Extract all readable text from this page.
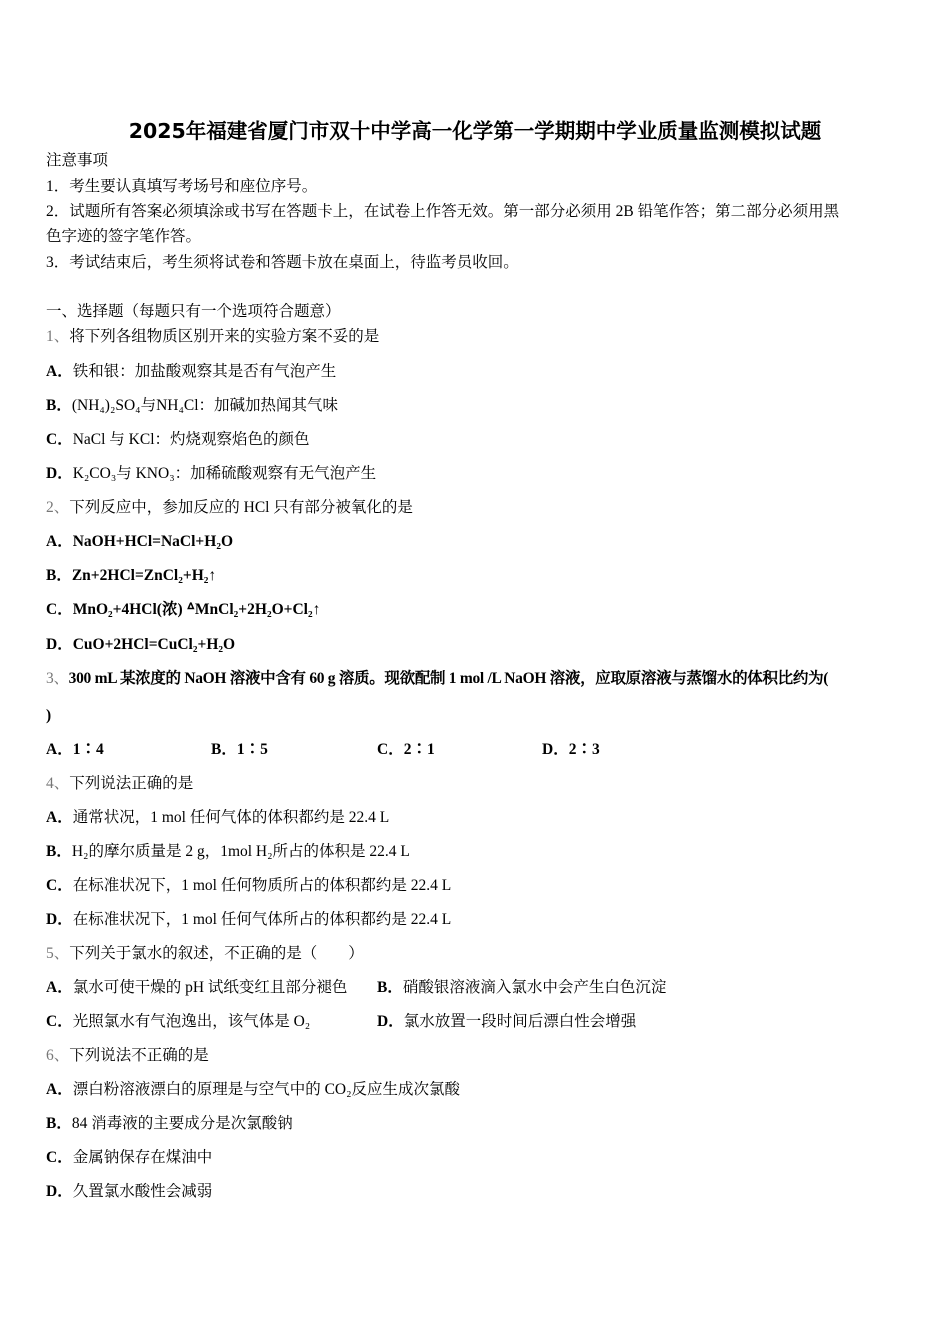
2025年福建省厦门市双十中学高一化学第一学期期中学业质量监测模拟试题
注意事项
1．考生要认真填写考场号和座位序号。
2．试题所有答案必须填涂或书写在答题卡上，在试卷上作答无效。第一部分必须用 2B 铅笔作答；第二部分必须用黑
色字迹的签字笔作答。
3．考试结束后，考生须将试卷和答题卡放在桌面上，待监考员收回。
一、选择题（每题只有一个选项符合题意）
1、将下列各组物质区别开来的实验方案不妥的是
A．铁和银：加盐酸观察其是否有气泡产生
B．(NH₄)₂SO₄与NH₄Cl：加碱加热闻其气味
C．NaCl 与 KCl：灼烧观察焰色的颜色
D．K₂CO₃与 KNO₃：加稀硫酸观察有无气泡产生
2、下列反应中，参加反应的 HCl 只有部分被氧化的是
A．NaOH+HCl=NaCl+H₂O
B．Zn+2HCl=ZnCl₂+H₂↑
C．MnO₂+4HCl(浓) ᐞMnCl₂+2H₂O+Cl₂↑
D．CuO+2HCl=CuCl₂+H₂O
3、300 mL 某浓度的 NaOH 溶液中含有 60 g 溶质。现欲配制 1 mol /L NaOH 溶液，应取原溶液与蒸馏水的体积比约为(
)
A．1∶4	B．1∶5	C．2∶1	D．2∶3
4、下列说法正确的是
A．通常状况，1 mol 任何气体的体积都约是 22.4 L
B．H₂的摩尔质量是 2 g，1mol H₂所占的体积是 22.4 L
C．在标准状况下，1 mol 任何物质所占的体积都约是 22.4 L
D．在标准状况下，1 mol 任何气体所占的体积都约是 22.4 L
5、下列关于氯水的叙述，不正确的是（　　）
A．氯水可使干燥的 pH 试纸变红且部分褪色 B．硝酸银溶液滴入氯水中会产生白色沉淀
C．光照氯水有气泡逸出，该气体是 O₂	D．氯水放置一段时间后漂白性会增强
6、下列说法不正确的是
A．漂白粉溶液漂白的原理是与空气中的 CO₂反应生成次氯酸
B．84 消毒液的主要成分是次氯酸钠
C．金属钠保存在煤油中
D．久置氯水酸性会减弱
